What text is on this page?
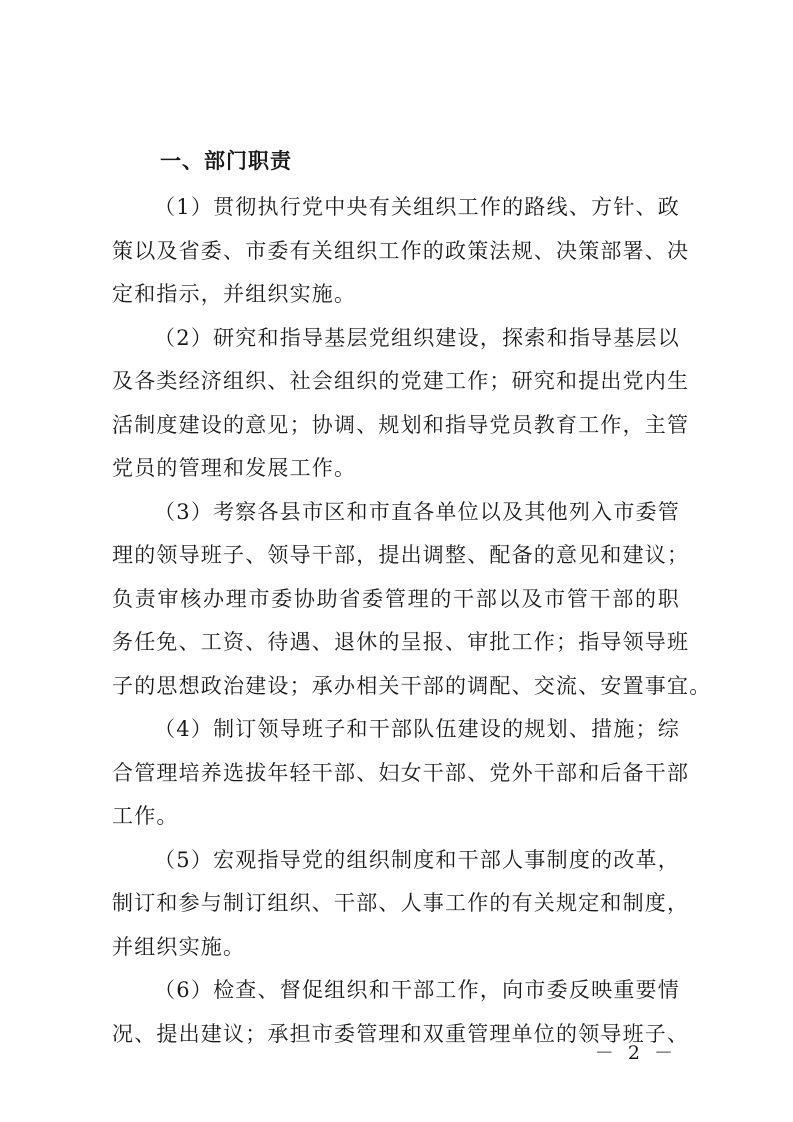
一、部门职责

（1）贯彻执行党中央有关组织工作的路线、方针、政
策以及省委、市委有关组织工作的政策法规、决策部署、决
定和指示，并组织实施。

（2）研究和指导基层党组织建设，探索和指导基层以
及各类经济组织、社会组织的党建工作；研究和提出党内生
活制度建设的意见；协调、规划和指导党员教育工作，主管
党员的管理和发展工作。

（3）考察各县市区和市直各单位以及其他列入市委管
理的领导班子、领导干部，提出调整、配备的意见和建议；
负责审核办理市委协助省委管理的干部以及市管干部的职
务任免、工资、待遇、退休的呈报、审批工作；指导领导班
子的思想政治建设；承办相关干部的调配、交流、安置事宜。

（4）制订领导班子和干部队伍建设的规划、措施；综
合管理培养选拔年轻干部、妇女干部、党外干部和后备干部
工作。

（5）宏观指导党的组织制度和干部人事制度的改革，
制订和参与制订组织、干部、人事工作的有关规定和制度，
并组织实施。

（6）检查、督促组织和干部工作，向市委反映重要情
况、提出建议；承担市委管理和双重管理单位的领导班子、

－ 2 －
